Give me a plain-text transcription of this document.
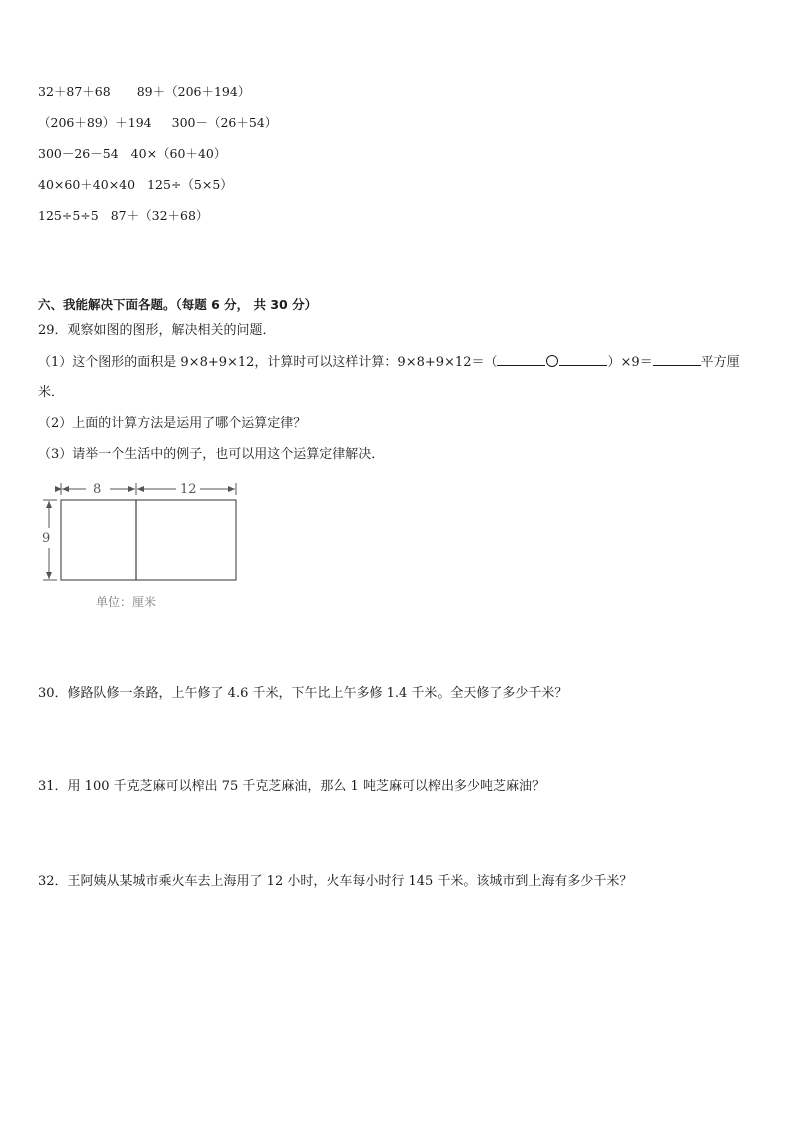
32＋87＋68 89＋（206＋194）
（206＋89）＋194 300－（26＋54）
300－26－54 40×（60＋40）
40×60＋40×40 125÷（5×5）
125÷5÷5 87＋（32＋68）
六、我能解决下面各题。（每题 6 分， 共 30 分）
29．观察如图的图形，解决相关的问题．
（1）这个图形的面积是 9×8+9×12，计算时可以这样计算：9×8+9×12＝（	）×9＝	平方厘
米．
（2）上面的计算方法是运用了哪个运算定律？
（3）请举一个生活中的例子，也可以用这个运算定律解决．
8	12
9
单位：厘米
30．修路队修一条路，上午修了 4.6 千米，下午比上午多修 1.4 千米。全天修了多少千米？
31．用 100 千克芝麻可以榨出 75 千克芝麻油，那么 1 吨芝麻可以榨出多少吨芝麻油？
32．王阿姨从某城市乘火车去上海用了 12 小时，火车每小时行 145 千米。该城市到上海有多少千米？
